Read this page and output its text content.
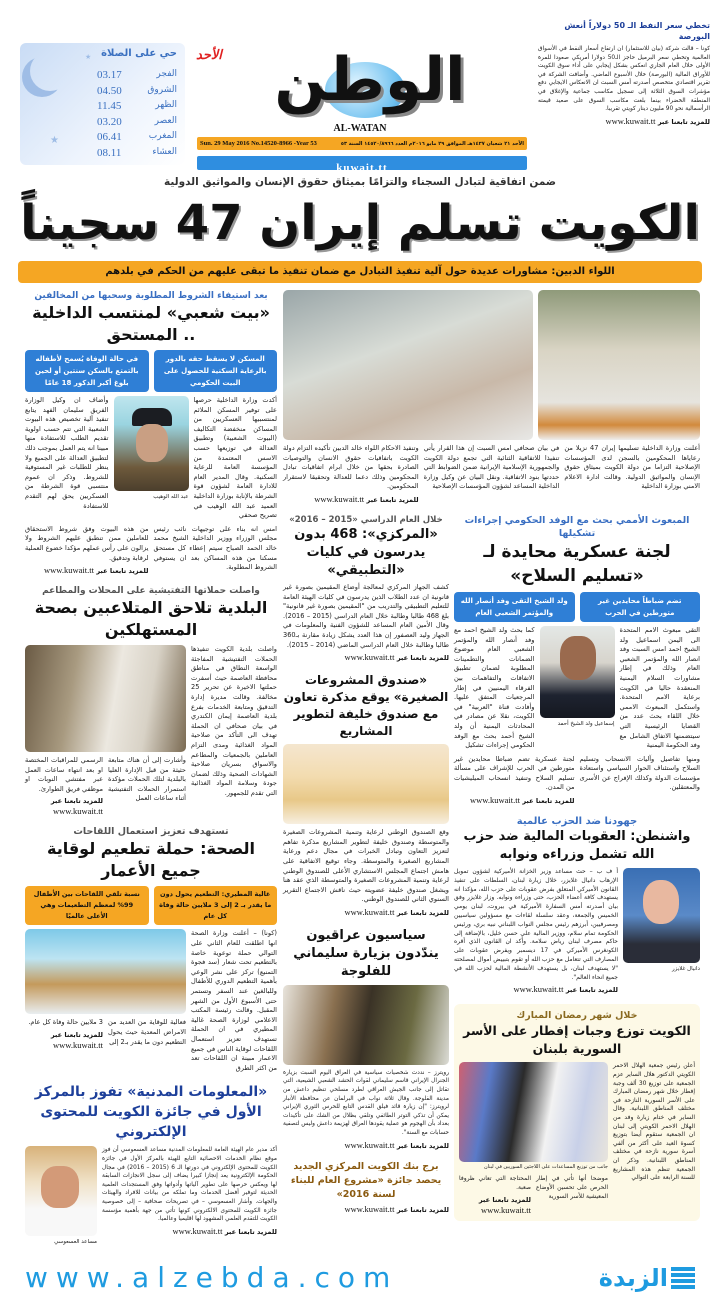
★
★ حي على الصلاة
الفجر
03.17
الشروق
04.50
الظهر
11.45
العصر
03.20
المغرب
06.41
العشاء
08.11
الأحد الوطن
AL-WATAN
Sun. 29 May 2016 No.14520-8966 -Year 53	الأحد ٢١ شعبان ١٤٣٧هـ الموافق ٢٩ مايو ٢٠١٦م العدد ١٤٥٢٠/٨٩٦٦ السنة ٥٣
kuwait.tt
تخطي سعر النفط الـ 50 دولاراً أنعش البورصة
كونا – قالت شركة (بيان للاستثمار) ان ارتفاع أسعار النفط في الأسواق العالمية وتخطي سعر البرميل حاجز الـ50 دولارا أمريكي صعودا للمرة الأولى خلال العام الجاري انعكس بشكل إيجابي على أداء سوق الكويت للأوراق المالية (البورصة) خلال الأسبوع الماضي. وأضافت الشركة في تقرير اقتصادي متخصص أصدرته أمس السبت ان الانعكاس الايجابي دفع مؤشرات السوق الثلاثة إلى تسجيل مكاسب جماعية والإغلاق في المنطقة الخضراء بينما بلغت مكاسب السوق على صعيد قيمته الرأسمالية نحو 90 مليون دينار كويتي تقريبا.
للمزيد تابعنا عبر www.kuwait.tt
ضمن اتفاقية لتبادل السجناء والتزامًا بميثاق حقوق الإنسان والمواثيق الدولية
الكويت تسلم إيران 47 سجيناً
اللواء الدبين: مشاورات عديدة حول آلية تنفيذ التبادل مع ضمان تنفيذ ما تبقى عليهم من الحكم في بلدهم
بعد استيفاء الشروط المطلوبة وسحبها من المخالفين
«بيت شعبي» لمنتسب الداخلية .. المستحق
المسكن لا يسقط حقه بالدور بالرعاية السكنية للحصول على البيت الحكومي
في حالة الوفاة يُسمح لأطفاله بالتمتع بالسكن سنتين أو لحين بلوغ أكبر الذكور 18 عامًا
أكدت وزارة الداخلية حرصها على توفير المسكن الملائم لمنتسبيها العسكريين من المساكن منخفضة التكاليف (البيوت الشعبية) وتطبيق العدالة في توزيعها حسب الاسس المعتمدة من المؤسسة العامة للرعاية السكنية. وقال المدير العام للادارة العامة لشؤون قوة الشرطة بالإنابة بوزارة الداخلية العميد عبد الله الوهيب في تصريح صحفي
عبد الله الوهيب
وأضاف ان وكيل الوزارة الفريق سليمان الفهد يتابع تنفيذ آلية تخصيص هذه البيوت الشعبية التي تتم حسب اولوية تقديم الطلب للاستفادة منها مبينا انه يتم العمل بموجب ذلك لتطبيق العدالة على الجميع ولا ينظر للطلبات غير المستوفية للشروط. وذكر ان عموم منتسبي قوة الشرطة من العسكريين يحق لهم التقدم للاستفادة
امس انه بناء على توجيهات نائب رئيس مجلس الوزراء ووزير الداخلية الشيخ محمد خالد الحمد الصباح سيتم إعطاء كل مستحق مسكنا من هذه المساكن بعد ان يستوفي الشروط المطلوبة.
من هذه البيوت وفق شروط الاستحقاق للعاملين ممن تنطبق عليهم الشروط ولا يزالون على رأس عملهم مؤكدا خضوع العملية لرقابة وتدقيق.
للمزيد تابعنا عبر www.kuwait.tt
واصلت حملاتها التفتيشية على المحلات والمطاعم
البلدية تلاحق المتلاعبين بصحة المستهلكين
واصلت بلدية الكويت تنفيذها الحملات التفتيشية المفاجئة الواسعة النطاق في مناطق محافظة العاصمة حيث أسفرت حملتها الاخيرة عن تحرير 25 مخالفة. وقالت مديرة إدارة التدقيق ومتابعة الخدمات بفرع بلدية العاصمة إيمان الكندري في بيان صحافي ان الحملة تهدف الى التأكد من صلاحية المواد الغذائية ومدى التزام العاملين بالجمعيات والمطاعم والاسواق بسريان صلاحية الشهادات الصحية وذلك لضمان جودة وسلامة المواد الغذائية التي تقدم للجمهور.
وأشارت إلى أن هناك متابعة حثيثة من قبل الإدارة العليا بالبلدية لتلك الحملات مؤكدة استمرار الحملات التفتيشية أثناء ساعات العمل
الرسمي للمراقبات المختصة او بعد انتهاء ساعات العمل عبر مفتشي النوبات او موظفي فريق الطوارئ.
للمزيد تابعنا عبر www.kuwait.tt
تستهدف تعزيز استعمال اللقاحات
الصحة: حملة تطعيم لوقاية جميع الأعمار
غالية المطيري: التطعيم يحول دون ما يقدر بـ 2 إلى 3 ملايين حالة وفاة كل عام
نسبة تلقي اللقاحات بين الأطفال 99% لمعظم التطعيمات وهي الأعلى عالميًا
(كونا) – أعلنت وزارة الصحة انها اطلقت للعام الثاني على التوالي حملة توعوية خاصة بالتطعيم تحت شعار (سد فجوة التمنيع) تركز على نشر الوعي بأهمية التطعيم الدوري للأطفال وللبالغين عند السفر وتستمر حتى الأسبوع الأول من الشهر المقبل. وقالت رئيسة المكتب الاعلامي لوزارة الصحة غالية المطيري في ان الحملة تستهدف تعزيز استعمال اللقاحات لوقاية الناس في جميع الاعمار مبينة ان اللقاحات تعد من اكثر الطرق
فعالية للوقاية من العديد من الامراض المعدية حيث يحول التطعيم دون ما يقدر بـ2 إلى
3 ملايين حالة وفاة كل عام.
للمزيد تابعنا عبر www.kuwait.tt
«المعلومات المدنية» تفوز بالمركز الأول في جائزة الكويت للمحتوى الإلكتروني
أكد مدير عام الهيئة العامة للمعلومات المدنية مساعد العسعوسي أن فوز موقع نظام الخدمات الاحصائية التابع للهيئة بالمركز الأول في جائزة الكويت للمحتوى الإلكتروني في دورتها الـ 6 (2015 – 2016) في مجال الحكومة الإلكترونية يعد إنجازا كبيرا يضاف إلى سجل الانجازات السابقة لها ويعكس حرصها على تطوير آلياتها وأدواتها وفق المستجدات العلمية الحديثة لتوفير أفضل الخدمات وما تملكه من بيانات للافراد والهيئات والجهات. وأشار العسعوسي – في تصريحات صحافية – إلى خصوصية جائزة الكويت للمحتوى الالكتروني كونها تأتي من جهة بأهمية مؤسسة الكويت للتقدم العلمي المشهود لها اقليميا وعالميا.
للمزيد تابعنا عبر www.kuwait.tt
مساعد العسعوسي
أعلنت وزارة الداخلية تسليمها إيران 47 نزيلا من رعاياها المحكومين بالسجن لدى المؤسسات الإصلاحية التزاما من دولة الكويت بميثاق حقوق الإنسان والمواثيق الدولية. وقالت ادارة الاعلام الامني بوزارة الداخلية
في بيان صحافي امس السبت إن هذا القرار يأتي تنفيذا للاتفاقية الثنائية التي تجمع دولة الكويت والجمهورية الإسلامية الإيرانية ضمن الضوابط التي حددتها بنود الاتفاقية. ونقل البيان عن وكيل وزارة الداخلية المساعد لشؤون المؤسسات الإصلاحية
وتنفيذ الاحكام اللواء خالد الدبين تأكيده التزام دولة الكويت باتفاقيات حقوق الانسان والتوصيات الصادرة بحقها من خلال ابرام اتفاقيات تبادل المحكومين وذلك دعما للعدالة وتحقيقا لاستقرار المحكومين.
للمزيد تابعنا عبر www.kuwait.tt
المبعوث الأممي بحث مع الوفد الحكومي إجراءات تشكيلها
لجنة عسكرية محايدة لـ «تسليم السلاح»
تضم ضباطاً محايدين غير متورطين في الحرب
ولد الشيخ التقى وفد أنصار الله والمؤتمر الشعبي العام
التقى مبعوث الامم المتحدة الى اليمن اسماعيل ولد الشيخ احمد امس السبت وفد انصار الله والمؤتمر الشعبي العام وذلك في إطار مشاورات السلام اليمنية المنعقدة حاليا في الكويت برعاية الامم المتحدة. واستكمل المبعوث الاممي خلال اللقاء بحث عدد من القضايا الرئيسية التي سيتضمنها الاتفاق الشامل مع وفد الحكومة اليمنية
إسماعيل ولد الشيخ أحمد
كما بحث ولد الشيخ احمد مع وفد أنصار الله والمؤتمر الشعبي العام موضوع الضمانات والتطمينات المطلوبة لضمان تطبيق الاتفاقات والتفاهمات بين الفرقاء اليمنيين في إطار المرجعيات المتفق عليها. وأفادت قناة "العربية" في الكويت، نقلا عن مصادر في المحادثات اليمنية أن ولد الشيخ أحمد بحث مع الوفد الحكومي إجراءات تشكيل
ومنها تفاصيل وآليات الانسحاب وتسليم السلاح واستئناف الحوار السياسي واستعادة مؤسسات الدولة وكذلك الإفراج عن الأسرى والمعتقلين.
لجنة عسكرية تضم ضباطا محايدين غير متورطين في الحرب للإشراف على مسألة تسليم السلاح وتنفيذ انسحاب الميليشيات من المدن.
للمزيد تابعنا عبر www.kuwait.tt
جهودنا ضد الحزب عالمية
واشنطن: العقوبات المالية ضد حزب الله تشمل وزراءه ونوابه
دانيال غلايزر
أ ف ب – حث مساعد وزير الخزانة الأميركية لشؤون تمويل الإرهاب دانيال غلايزر، خلال زيارة لبنان، السلطات على تنفيذ القانون الأميركي المتعلق بفرض عقوبات على حزب الله، مؤكدا انه يستهدف كافة أعضاء الحزب، حتى وزراءه ونوابه. وزار غلايزر وفق بيان أصدرته أمس السفارة الأميركية في بيروت، لبنان يومي الخميس والجمعة، وعقد سلسلة لقاءات مع مسؤولين سياسيين ومصرفيين، أبرزهم رئيس مجلس النواب اللبناني نبيه بري، ورئيس الحكومة تمام سلام، ووزير المالية علي حسن خليل، بالإضافة إلى حاكم مصرف لبنان رياض سلامة. وأكد ان القانون الذي أقره الكونغرس الأميركي في 17 ديسمبر ويفرض عقوبات على المصارف التي تتعامل مع حزب الله أو تقوم بتبييض أموال لمصلحته "لا يستهدف لبنان، بل يستهدف الأنشطة المالية لحزب الله في جميع انحاء العالم".
للمزيد تابعنا عبر www.kuwait.tt
خلال شهر رمضان المبارك
الكويت توزع وجبات إفطار على الأسر السورية بلبنان
أعلن رئيس جمعية الهلال الاحمر الكويتي الدكتور هلال الساير عزم الجمعية على توزيع 30 ألف وجبة إفطار خلال شهر رمضان المبارك على الأسر السورية النازحة في مختلف المناطق اللبنانية. وقال الساير في ختام زيارة وفد من الهلال الاحمر الكويتي إلى لبنان ان الجمعية ستقوم أيضا بتوزيع كسوة العيد على أكثر من ألفي أسرة سورية نازحة في مختلف المناطق اللبنانية. وذكر ان الجمعية تنظم هذه المشاريع للسنة الرابعة على التوالي
جانب من توزيع المساعدات على اللاجئين السوريين في لبنان
موضحا أنها تأتي في إطار الحرص على تحسين الأوضاع المعيشية للأسر السورية
المحتاجة التي تعاني ظروفا صعبة.
للمزيد تابعنا عبر www.kuwait.tt
خلال العام الدراسي «2015 – 2016»
«المركزي»: 468 بدون يدرسون في كليات «التطبيقي»
كشف الجهاز المركزي لمعالجة أوضاع المقيمين بصورة غير قانونية ان عدد الطلاب الذين يدرسون في كليات الهيئة العامة للتعليم التطبيقي والتدريب من "المقيمين بصورة غير قانونية" بلغ 468 طالبا وطالبة خلال العام الدراسي (2015 – 2016). وقال الأمين العام المساعد للشؤون الفنية والمعلومات في الجهاز وليد العصفور إن هذا العدد يشكل زيادة مقارنة بـ360 طالبا وطالبة خلال العام الدراسي الماضي (2014 – 2015).
للمزيد تابعنا عبر www.kuwait.tt
«صندوق المشروعات الصغيرة» يوقع مذكرة تعاون مع صندوق خليفة لتطوير المشاريع
وقع الصندوق الوطني لرعاية وتنمية المشروعات الصغيرة والمتوسطة وصندوق خليفة لتطوير المشاريع مذكرة تفاهم لتعزيز التعاون وتبادل الخبرات في مجال دعم ورعاية المشاريع الصغيرة والمتوسطة. وجاء توقيع الاتفاقية على هامش اجتماع المجلس الاستشاري الأعلى للصندوق الوطني لرعاية وتنمية المشروعات الصغيرة والمتوسطة الذي عقد هنا ويشغل صندوق خليفة عضويته حيث ناقش الاجتماع التقرير السنوي الثاني للصندوق الوطني.
للمزيد تابعنا عبر www.kuwait.tt
سياسيون عراقيون يندّدون بزيارة سليماني للفلوجة
رويترز – نددت شخصيات سياسية في العراق اليوم السبت بزيارة الجنرال الإيراني قاسم سليماني لقوات الحشد الشعبي الشيعية، التي تقاتل إلى جانب الجيش العراقي لطرد مسلحي تنظيم داعش من مدينة الفلوجة. وقال ثلاثة نواب في البرلمان عن محافظة الأنبار لرويترز: "إن زيارة قائد فيلق القدس التابع للحرس الثوري الإيراني يمكن أن تذكي التوتر الطائفي وتلقي بظلال من الشك على تأكيدات بغداد بأن الهجوم هو عملية يقودها العراق لهزيمة داعش وليس لتصفية حسابات مع السنة".
للمزيد تابعنا عبر www.kuwait.tt
برج بنك الكويت المركزي الجديد يحصد جائزة «مشروع العام للبناء لسنة 2016»
للمزيد تابعنا عبر www.kuwait.tt
www.alzebda.com	الزبدة
